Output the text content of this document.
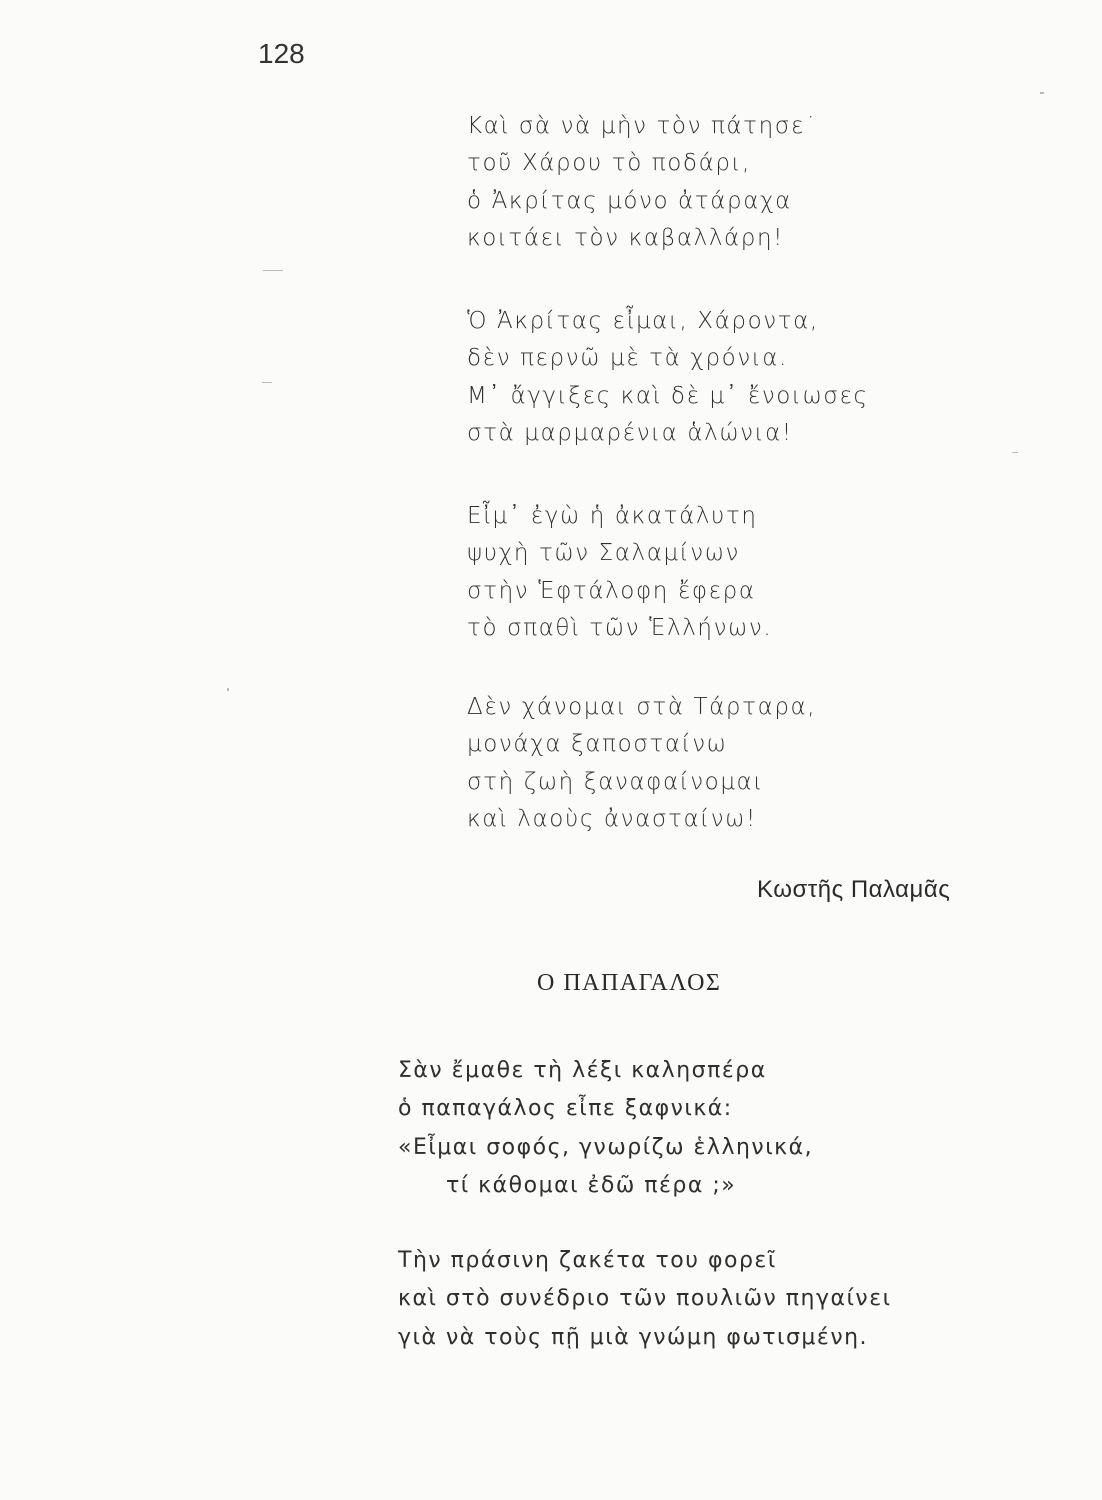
128
Καὶ σὰ νὰ μὴν τὸν πάτησε˙
τοῦ Χάρου τὸ ποδάρι,
ὁ Ἀκρίτας μόνο ἀτάραχα
κοιτάει τὸν καβαλλάρη!
Ὁ Ἀκρίτας εἶμαι, Χάροντα,
δὲν περνῶ μὲ τὰ χρόνια.
Μ᾽ ἄγγιξες καὶ δὲ μ᾽ ἔνοιωσες
στὰ μαρμαρένια ἁλώνια!
Εἶμ᾽ ἐγὼ ἡ ἀκατάλυτη
ψυχὴ τῶν Σαλαμίνων
στὴν Ἑφτάλοφη ἔφερα
τὸ σπαθὶ τῶν Ἑλλήνων.
Δὲν χάνομαι στὰ Τάρταρα,
μονάχα ξαποσταίνω
στὴ ζωὴ ξαναφαίνομαι
καὶ λαοὺς ἀνασταίνω!
Κωστῆς Παλαμᾶς
Ο ΠΑΠΑΓΑΛΟΣ
Σὰν ἔμαθε τὴ λέξι καλησπέρα
ὁ παπαγάλος εἶπε ξαφνικά:
«Εἶμαι σοφός, γνωρίζω ἑλληνικά,
τί κάθομαι ἐδῶ πέρα ;»
Τὴν πράσινη ζακέτα του φορεῖ
καὶ στὸ συνέδριο τῶν πουλιῶν πηγαίνει
γιὰ νὰ τοὺς πῇ μιὰ γνώμη φωτισμένη.
